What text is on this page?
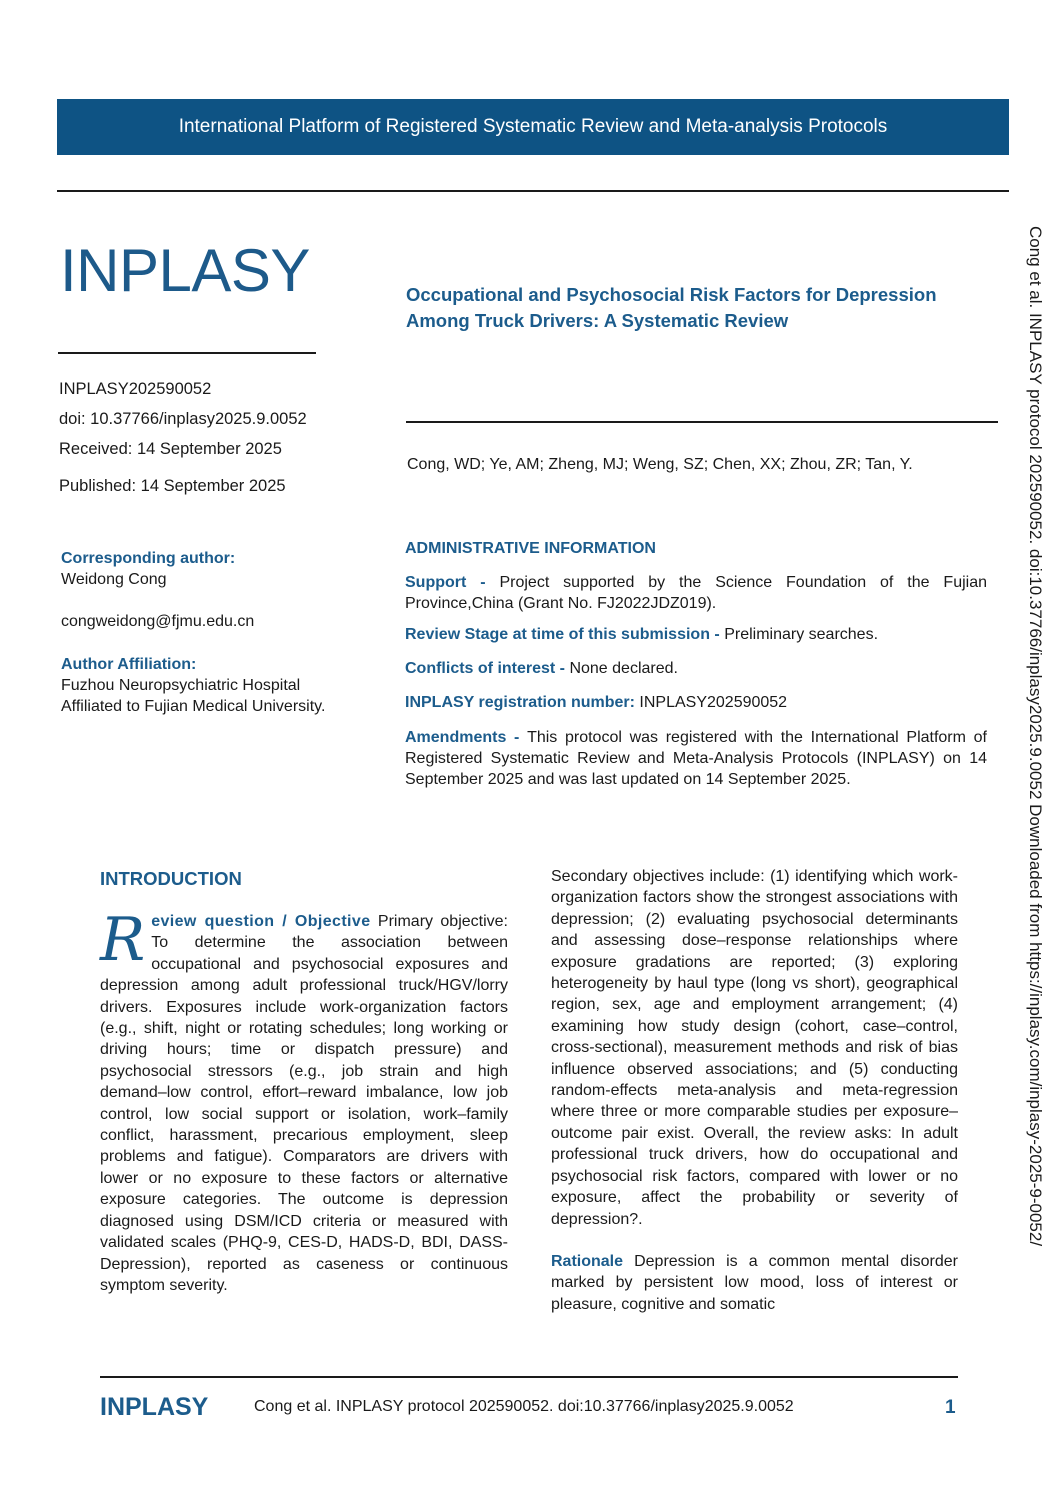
International Platform of Registered Systematic Review and Meta-analysis Protocols
INPLASY
INPLASY202590052
doi: 10.37766/inplasy2025.9.0052
Received: 14 September 2025
Published: 14 September 2025
Corresponding author:
Weidong Cong
congweidong@fjmu.edu.cn
Author Affiliation:
Fuzhou Neuropsychiatric Hospital Affiliated to Fujian Medical University.
Occupational and Psychosocial Risk Factors for Depression Among Truck Drivers: A Systematic Review
Cong, WD; Ye, AM; Zheng, MJ; Weng, SZ; Chen, XX; Zhou, ZR; Tan, Y.
ADMINISTRATIVE INFORMATION
Support - Project supported by the Science Foundation of the Fujian Province,China (Grant No. FJ2022JDZ019).
Review Stage at time of this submission - Preliminary searches.
Conflicts of interest - None declared.
INPLASY registration number: INPLASY202590052
Amendments - This protocol was registered with the International Platform of Registered Systematic Review and Meta-Analysis Protocols (INPLASY) on 14 September 2025 and was last updated on 14 September 2025.
INTRODUCTION
R eview question / Objective Primary objective: To determine the association between occupational and psychosocial exposures and depression among adult professional truck/HGV/lorry drivers. Exposures include work-organization factors (e.g., shift, night or rotating schedules; long working or driving hours; time or dispatch pressure) and psychosocial stressors (e.g., job strain and high demand–low control, effort–reward imbalance, low job control, low social support or isolation, work–family conflict, harassment, precarious employment, sleep problems and fatigue). Comparators are drivers with lower or no exposure to these factors or alternative exposure categories. The outcome is depression diagnosed using DSM/ICD criteria or measured with validated scales (PHQ-9, CES-D, HADS-D, BDI, DASS-Depression), reported as caseness or continuous symptom severity.
Secondary objectives include: (1) identifying which work-organization factors show the strongest associations with depression; (2) evaluating psychosocial determinants and assessing dose–response relationships where exposure gradations are reported; (3) exploring heterogeneity by haul type (long vs short), geographical region, sex, age and employment arrangement; (4) examining how study design (cohort, case–control, cross-sectional), measurement methods and risk of bias influence observed associations; and (5) conducting random-effects meta-analysis and meta-regression where three or more comparable studies per exposure–outcome pair exist. Overall, the review asks: In adult professional truck drivers, how do occupational and psychosocial risk factors, compared with lower or no exposure, affect the probability or severity of depression?.
Rationale Depression is a common mental disorder marked by persistent low mood, loss of interest or pleasure, cognitive and somatic
Cong et al. INPLASY protocol 202590052. doi:10.37766/inplasy2025.9.0052 Downloaded from https://inplasy.com/inplasy-2025-9-0052/
INPLASY	Cong et al. INPLASY protocol 202590052. doi:10.37766/inplasy2025.9.0052	1
